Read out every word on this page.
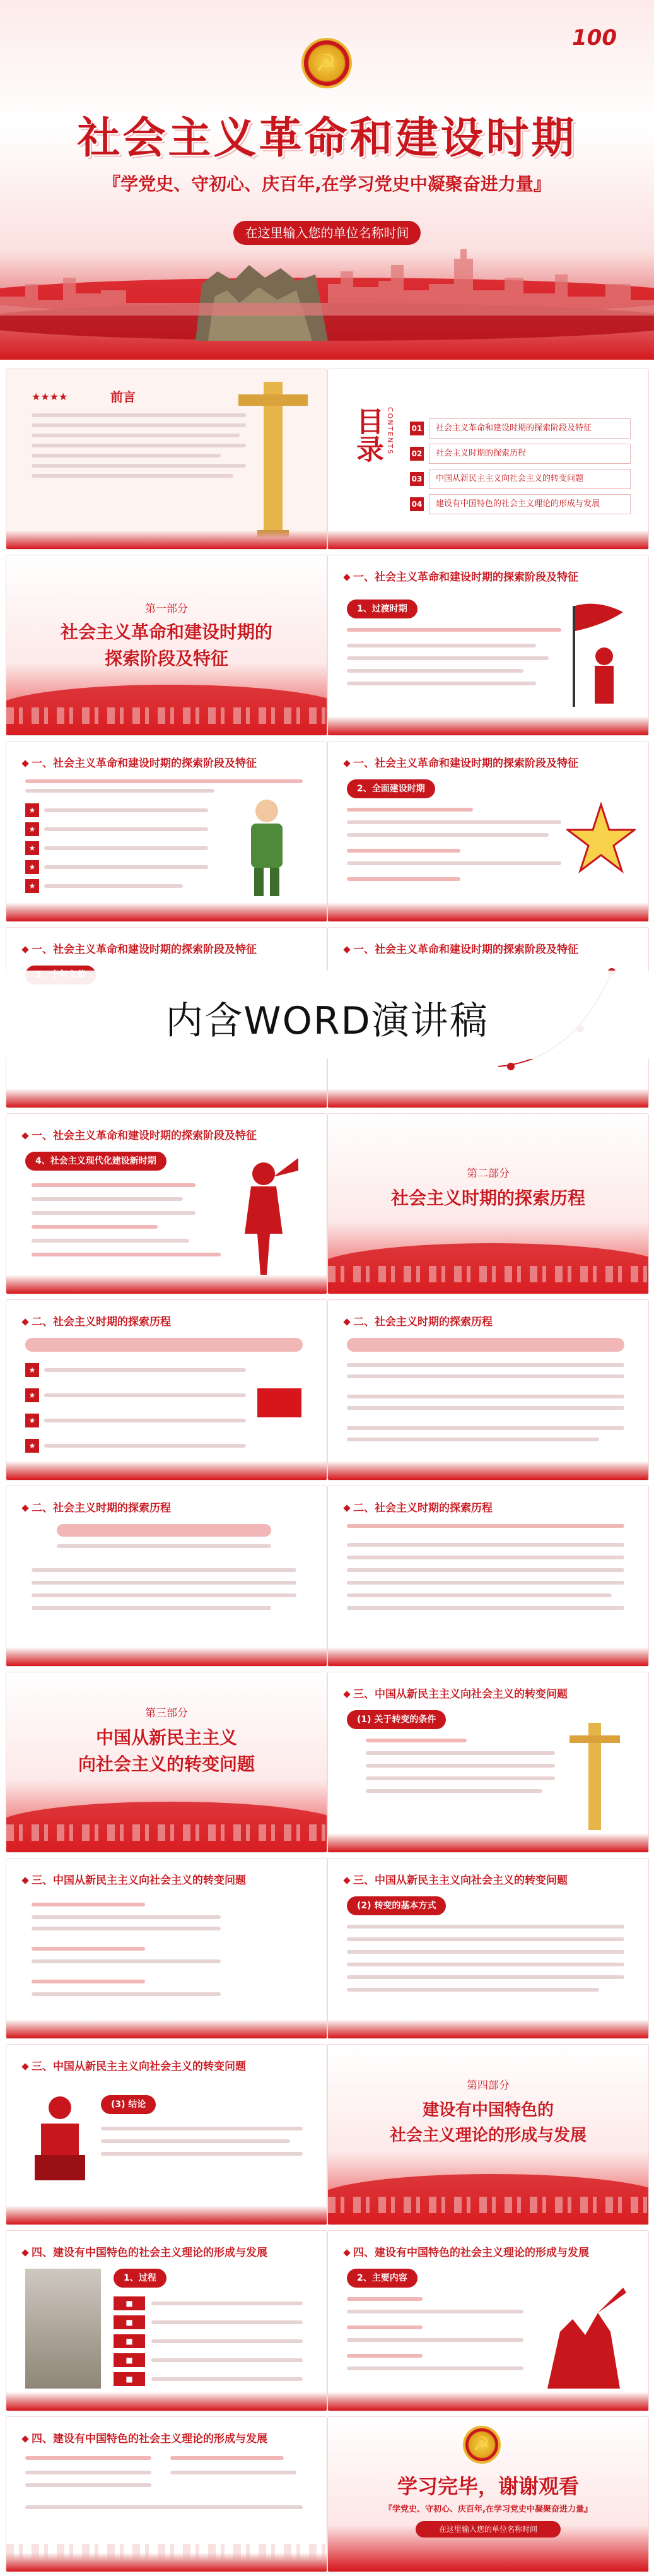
☭
100
社会主义革命和建设时期
『学党史、守初心、庆百年,在学习党史中凝聚奋进力量』
在这里输入您的单位名称时间
★★★★	前言
目录 CONTENTS 01	社会主义革命和建设时期的探索阶段及特征
02	社会主义时期的探索历程
03	中国从新民主主义向社会主义的转变问题
04	建设有中国特色的社会主义理论的形成与发展
第一部分
社会主义革命和建设时期的
探索阶段及特征
一、社会主义革命和建设时期的探索阶段及特征
1、过渡时期
一、社会主义革命和建设时期的探索阶段及特征
★
★
★
★
★
一、社会主义革命和建设时期的探索阶段及特征
2、全面建设时期
一、社会主义革命和建设时期的探索阶段及特征	一、社会主义革命和建设时期的探索阶段及特征
内含WORD演讲稿
一、社会主义革命和建设时期的探索阶段及特征
4、社会主义现代化建设新时期
第二部分
社会主义时期的探索历程
二、社会主义时期的探索历程
★
★
★
★
二、社会主义时期的探索历程
二、社会主义时期的探索历程	二、社会主义时期的探索历程
第三部分
中国从新民主主义
向社会主义的转变问题
三、中国从新民主主义向社会主义的转变问题
(1) 关于转变的条件
三、中国从新民主主义向社会主义的转变问题	三、中国从新民主主义向社会主义的转变问题
(2) 转变的基本方式
三、中国从新民主主义向社会主义的转变问题
(3) 结论
第四部分
建设有中国特色的
社会主义理论的形成与发展
四、建设有中国特色的社会主义理论的形成与发展
1、过程
■
■
■
■
■
四、建设有中国特色的社会主义理论的形成与发展
2、主要内容
四、建设有中国特色的社会主义理论的形成与发展	☭
学习完毕，谢谢观看
『学党史、守初心、庆百年,在学习党史中凝聚奋进力量』
在这里输入您的单位名称时间
